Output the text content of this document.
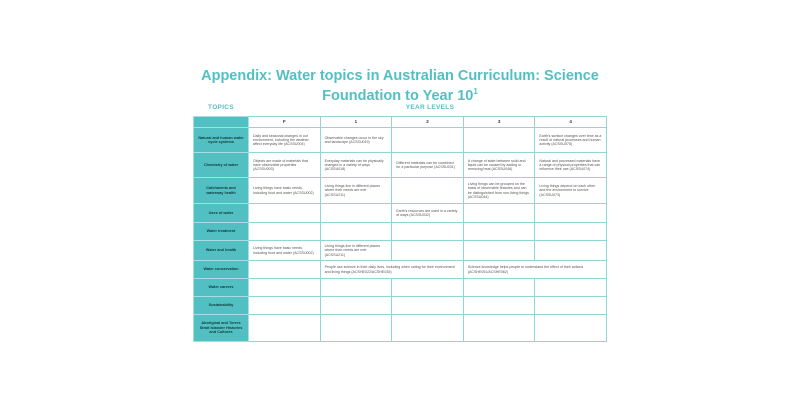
Appendix: Water topics in Australian Curriculum: Science
Foundation to Year $10^1$
TOPICS	YEAR LEVELS
	F	1	2	3	4
Natural and human water cycle systems	Daily and seasonal changes in our environment, including the weather affect everyday life (ACSSU004)	Observable changes occur in the sky and landscape (ACSSU019)			Earth's surface changes over time as a result of natural processes and human activity (ACSSU075)
Chemistry of water	Objects are made of materials that have observable properties (ACSSU003)	Everyday materials can be physically changed in a variety of ways (ACSSU018)	Different materials can be combined for a particular purpose (ACSSU031)	A change of state between solid and liquid can be caused by adding or removing heat (ACSSU046)	Natural and processed materials have a range of physical properties that can influence their use (ACSSU074)
Catchments and waterway health	Living things have basic needs, including food and water (ACSSU002)	Living things live in different places where their needs are met (ACSSU211)		Living things can be grouped on the basis of observable features and can be distinguished from non-living things (ACSSU044)	Living things depend on each other and the environment to survive (ACSSU073)
Uses of water			Earth's resources are used in a variety of ways (ACSSU032)		
Water treatment					
Water and health	Living things have basic needs, including food and water (ACSSU002)	Living things live in different places where their needs are met (ACSSU211)			
Water conservation		People use science in their daily lives, including when caring for their environment and living things (ACSHE022/ACSHE035)		Science knowledge helps people to understand the effect of their actions (ACSHE051/ACSHE062)	
Water careers					
Sustainability					
Aboriginal and Torres Strait Islander Histories and Cultures					
